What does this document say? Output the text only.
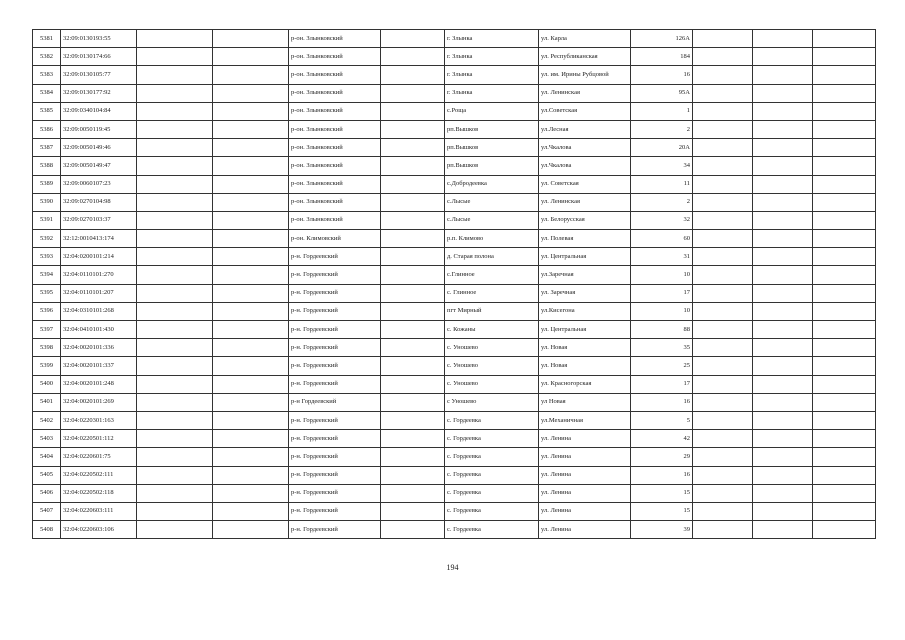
5381	32:09:0130193:55			р-он. Злынковский		г. Злынка	ул. Карла	126А			
5382	32:09:0130174:66			р-он. Злынковский		г. Злынка	ул. Республиканская	184			
5383	32:09:0130105:77			р-он. Злынковский		г. Злынка	ул. им. Ирины Рубцовой	16			
5384	32:09:0130177:92			р-он. Злынковский		г. Злынка	ул. Ленинская	95А			
5385	32:09:0340104:84			р-он. Злынковский		с.Роща	ул.Советская	1			
5386	32:09:0050119:45			р-он. Злынковский		рп.Вышков	ул.Лесная	2			
5387	32:09:0050149:46			р-он. Злынковский		рп.Вышков	ул.Чкалова	20А			
5388	32:09:0050149:47			р-он. Злынковский		рп.Вышков	ул.Чкалова	34			
5389	32:09:0060107:23			р-он. Злынковский		с.Добродеевка	ул. Советская	11			
5390	32:09:0270104:98			р-он. Злынковский		с.Лысые	ул. Ленинская	2			
5391	32:09:0270103:37			р-он. Злынковский		с.Лысые	ул. Белорусская	32			
5392	32:12:0010413:174			р-он. Климовский		р.п. Климово	ул. Полевая	60			
5393	32:04:0200101:214			р-н. Гордеевский		д. Старая полона	ул. Центральная	31			
5394	32:04:0110101:270			р-н. Гордеевский		с.Глинное	ул.Заречная	10			
5395	32:04:0110101:207			р-н. Гордеевский		с. Глинное	ул. Заречная	17			
5396	32:04:0310101:268			р-н. Гордеевский		пгт Мирный	ул.Кисегона	10			
5397	32:04:0410101:430			р-н. Гордеевский		с. Кожаны	ул. Центральная	88			
5398	32:04:0020101:336			р-н. Гордеевский		с. Уношево	ул. Новая	35			
5399	32:04:0020101:337			р-н. Гордеевский		с. Уношево	ул. Новая	25			
5400	32:04:0020101:248			р-н. Гордеевский		с. Уношево	ул. Красногорская	17			
5401	32:04:0020101:269			р-н Гордеевский		с Уношево	ул Новая	16			
5402	32:04:0220301:163			р-н. Гордеевский		с. Гордеевка	ул.Механичная	5			
5403	32:04:0220501:112			р-н. Гордеевский		с. Гордеевка	ул. Ленина	42			
5404	32:04:0220601:75			р-н. Гордеевский		с. Гордеевка	ул. Ленина	29			
5405	32:04:0220502:111			р-н. Гордеевский		с. Гордеевка	ул. Ленина	16			
5406	32:04:0220502:118			р-н. Гордеевский		с. Гордеевка	ул. Ленина	15			
5407	32:04:0220603:111			р-н. Гордеевский		с. Гордеевка	ул. Ленина	15			
5408	32:04:0220603:106			р-н. Гордеевский		с. Гордеевка	ул. Ленина	39			
194
